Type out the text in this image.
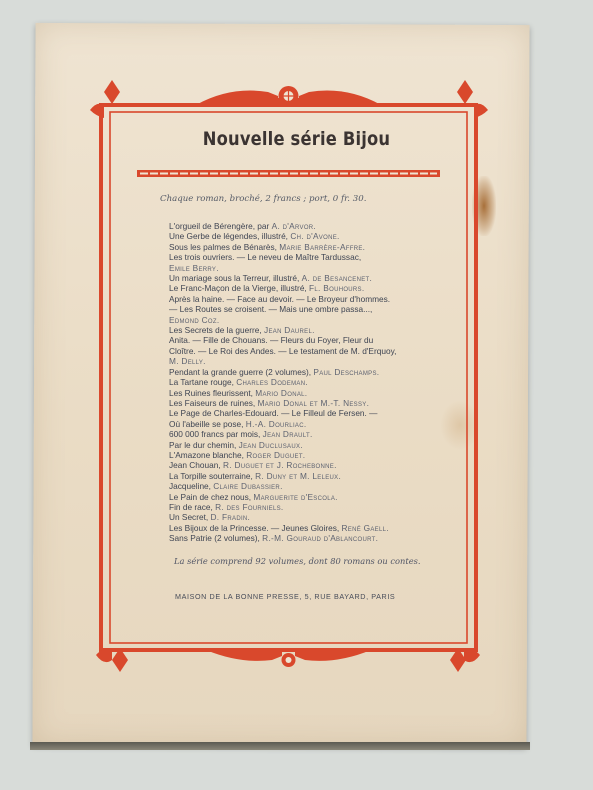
Nouvelle série Bijou
Chaque roman, broché, 2 francs ; port, 0 fr. 30.
L'orgueil de Bérengère, par A. d'Arvor.
Une Gerbe de légendes, illustré, Ch. d'Avone.
Sous les palmes de Bénarès, Marie Barrère-Affre.
Les trois ouvriers. — Le neveu de Maître Tardussac,
Emile Berry.
Un mariage sous la Terreur, illustré, A. de Besancenet.
Le Franc-Maçon de la Vierge, illustré, Fl. Bouhours.
Après la haine. — Face au devoir. — Le Broyeur d'hommes.
— Les Routes se croisent. — Mais une ombre passa...,
Edmond Coz.
Les Secrets de la guerre, Jean Daurel.
Anita. — Fille de Chouans. — Fleurs du Foyer, Fleur du
Cloître. — Le Roi des Andes. — Le testament de M. d'Erquoy,
M. Delly.
Pendant la grande guerre (2 volumes), Paul Deschamps.
La Tartane rouge, Charles Dodeman.
Les Ruines fleurissent, Mario Donal.
Les Faiseurs de ruines, Mario Donal et M.-T. Nessy.
Le Page de Charles-Edouard. — Le Filleul de Fersen. —
Où l'abeille se pose, H.-A. Dourliac.
600 000 francs par mois, Jean Drault.
Par le dur chemin, Jean Duclusaux.
L'Amazone blanche, Roger Duguet.
Jean Chouan, R. Duguet et J. Rochebonne.
La Torpille souterraine, R. Duny et M. Leleux.
Jacqueline, Claire Dubassier.
Le Pain de chez nous, Marguerite d'Escola.
Fin de race, R. des Fourniels.
Un Secret, D. Fradin.
Les Bijoux de la Princesse. — Jeunes Gloires, René Gaell.
Sans Patrie (2 volumes), R.-M. Gouraud d'Ablancourt.
La série comprend 92 volumes, dont 80 romans ou contes.
MAISON DE LA BONNE PRESSE, 5, RUE BAYARD, PARIS
